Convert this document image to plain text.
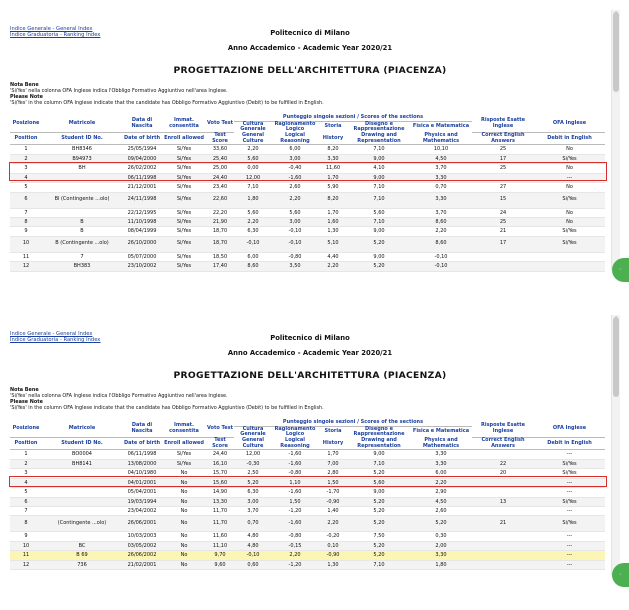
Indice Generale - General Index
Indice Graduatoria - Ranking Index	Politecnico di Milano
Anno Accademico - Academic Year 2020/21
PROGETTAZIONE DELL'ARCHITETTURA (PIACENZA)
Nota Bene
'Si/Yes' nella colonna OFA Inglese indica l'Obbligo Formativo Aggiuntivo nell'area Inglese.
Please Note
'Si/Yes' in the column OFA Inglese indicate that the candidate has Obbligo Formativo Aggiuntivo (Debit) to be fulfilled in English.
Posizione	Matricole	Data di Nascita	Immat. consentita	Voto Test	Punteggio singole sezioni / Scores of the sections					Risposte Esatte Inglese	OFA Inglese
					Cultura Generale	Ragionamento Logico	Storia	Disegno e Rappresentazione	Fisica e Matematica		
Position	Student ID No.	Date of birth	Enroll allowed	Test Score	General Culture	Logical Reasoning	History	Drawing and Representation	Physics and Mathematics	Correct English Answers	Debit in English
1	BH8346	25/05/1994	Si/Yes	33,60	2,20	6,00	8,20	7,10	10,10	25	No
2	B94973	09/04/2000	Si/Yes	25,40	5,60	3,00	3,30	9,00	4,50	17	Si/Yes
3	BH	26/02/2002	Si/Yes	25,00	0,00	-0,40	11,60	4,10	3,70	25	No
4		06/11/1998	Si/Yes	24,40	12,00	-1,60	1,70	9,00	3,30		---
5		21/12/2001	Si/Yes	23,40	7,10	2,60	5,90	7,10	0,70	27	No
6	Bl (Contingente ...olo)	24/11/1998	Si/Yes	22,60	1,80	2,20	8,20	7,10	3,30	15	Si/Yes
7		22/12/1995	Si/Yes	22,20	5,60	5,60	1,70	5,60	3,70	24	No
8	B	11/10/1998	Si/Yes	21,90	2,20	3,00	1,60	7,10	8,60	25	No
9	B	08/04/1999	Si/Yes	18,70	6,30	-0,10	1,30	9,00	2,20	21	Si/Yes
10	B (Contingente ...olo)	26/10/2000	Si/Yes	18,70	-0,10	-0,10	5,10	5,20	8,60	17	Si/Yes
11	7	05/07/2000	Si/Yes	18,50	6,00	-0,80	4,40	9,00	-0,10		
12	BH383	23/10/2002	Si/Yes	17,40	8,60	3,50	2,20	5,20	-0,10		
◦
Indice Generale - General Index
Indice Graduatoria - Ranking Index	Politecnico di Milano
Anno Accademico - Academic Year 2020/21
PROGETTAZIONE DELL'ARCHITETTURA (PIACENZA)
Nota Bene
'Si/Yes' nella colonna OFA Inglese indica l'Obbligo Formativo Aggiuntivo nell'area Inglese.
Please Note
'Si/Yes' in the column OFA Inglese indicate that the candidate has Obbligo Formativo Aggiuntivo (Debit) to be fulfilled in English.
Posizione	Matricole	Data di Nascita	Immat. consentita	Voto Test	Punteggio singole sezioni / Scores of the sections					Risposte Esatte Inglese	OFA Inglese
					Cultura Generale	Ragionamento Logico	Storia	Disegno e Rappresentazione	Fisica e Matematica		
Position	Student ID No.	Date of birth	Enroll allowed	Test Score	General Culture	Logical Reasoning	History	Drawing and Representation	Physics and Mathematics	Correct English Answers	Debit in English
1	BO0004	06/11/1998	Si/Yes	24,40	12,00	-1,60	1,70	9,00	3,30		---
2	BH8141	13/08/2000	Si/Yes	16,10	-0,30	-1,60	7,00	7,10	3,30	22	Si/Yes
3		04/10/1980	No	15,70	2,50	-0,80	2,80	5,20	6,00	20	Si/Yes
4		04/01/2001	No	15,60	5,20	1,10	1,50	5,60	2,20		---
5		05/04/2001	No	14,90	6,30	-1,60	-1,70	9,00	2,90		---
6		19/03/1994	No	13,30	3,00	1,50	-0,90	5,20	4,50	13	Si/Yes
7		23/04/2002	No	11,70	3,70	-1,20	1,40	5,20	2,60		---
8	(Contingente ...olo)	26/06/2001	No	11,70	0,70	-1,60	2,20	5,20	5,20	21	Si/Yes
9		10/03/2003	No	11,60	4,80	-0,80	-0,20	7,50	0,30		---
10	BC	03/05/2002	No	11,10	4,80	-0,15	0,10	5,20	2,00		---
11	B 69	26/06/2002	No	9,70	-0,10	2,20	-0,90	5,20	3,30		---
12	736	21/02/2001	No	9,60	0,60	-1,20	1,30	7,10	1,80		---
◦
